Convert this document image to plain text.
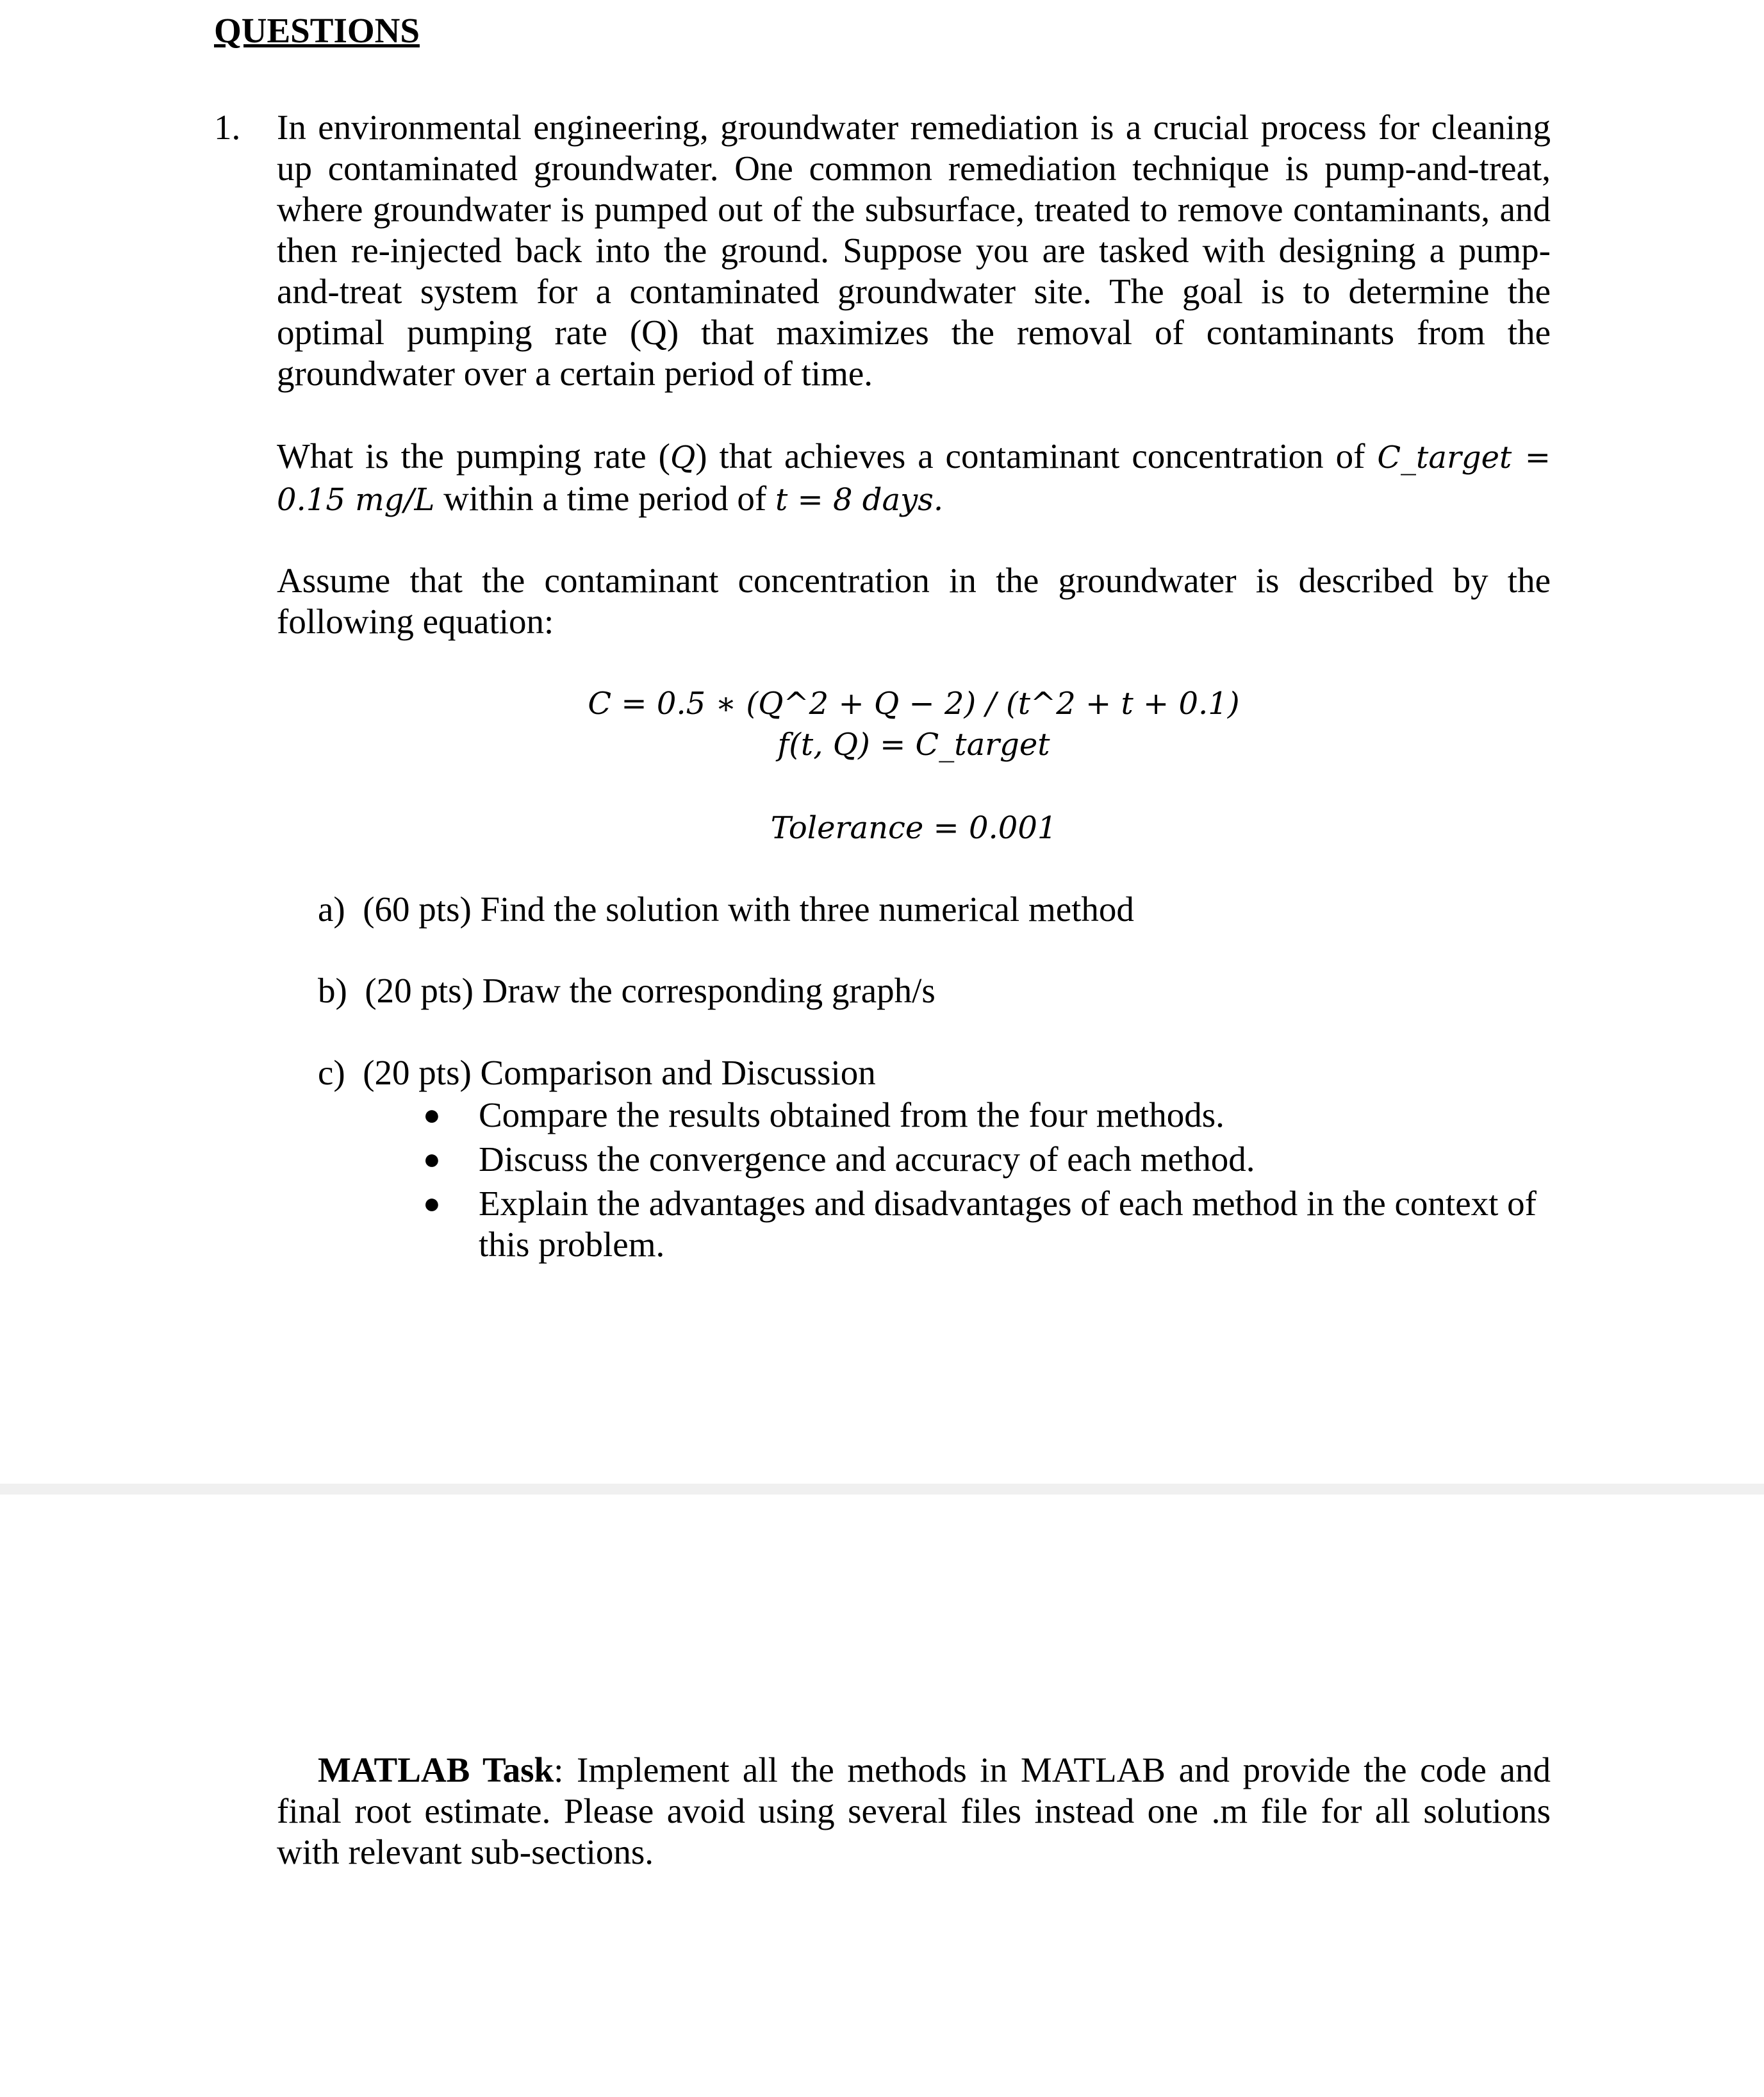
QUESTIONS
1. In environmental engineering, groundwater remediation is a crucial process for cleaning up contaminated groundwater. One common remediation technique is pump-and-treat, where groundwater is pumped out of the subsurface, treated to remove contaminants, and then re-injected back into the ground. Suppose you are tasked with designing a pump-and-treat system for a contaminated groundwater site. The goal is to determine the optimal pumping rate (Q) that maximizes the removal of contaminants from the groundwater over a certain period of time.
What is the pumping rate (Q) that achieves a contaminant concentration of C_target = 0.15 mg/L within a time period of t = 8 days.
Assume that the contaminant concentration in the groundwater is described by the following equation:
C = 0.5 ∗ (Q^2 + Q − 2) / (t^2 + t + 0.1)
f(t, Q) = C_target
Tolerance = 0.001
a) (60 pts) Find the solution with three numerical method
b) (20 pts) Draw the corresponding graph/s
c) (20 pts) Comparison and Discussion
● Compare the results obtained from the four methods.
● Discuss the convergence and accuracy of each method.
● Explain the advantages and disadvantages of each method in the context of this problem.
MATLAB Task: Implement all the methods in MATLAB and provide the code and final root estimate. Please avoid using several files instead one .m file for all solutions with relevant sub-sections.
